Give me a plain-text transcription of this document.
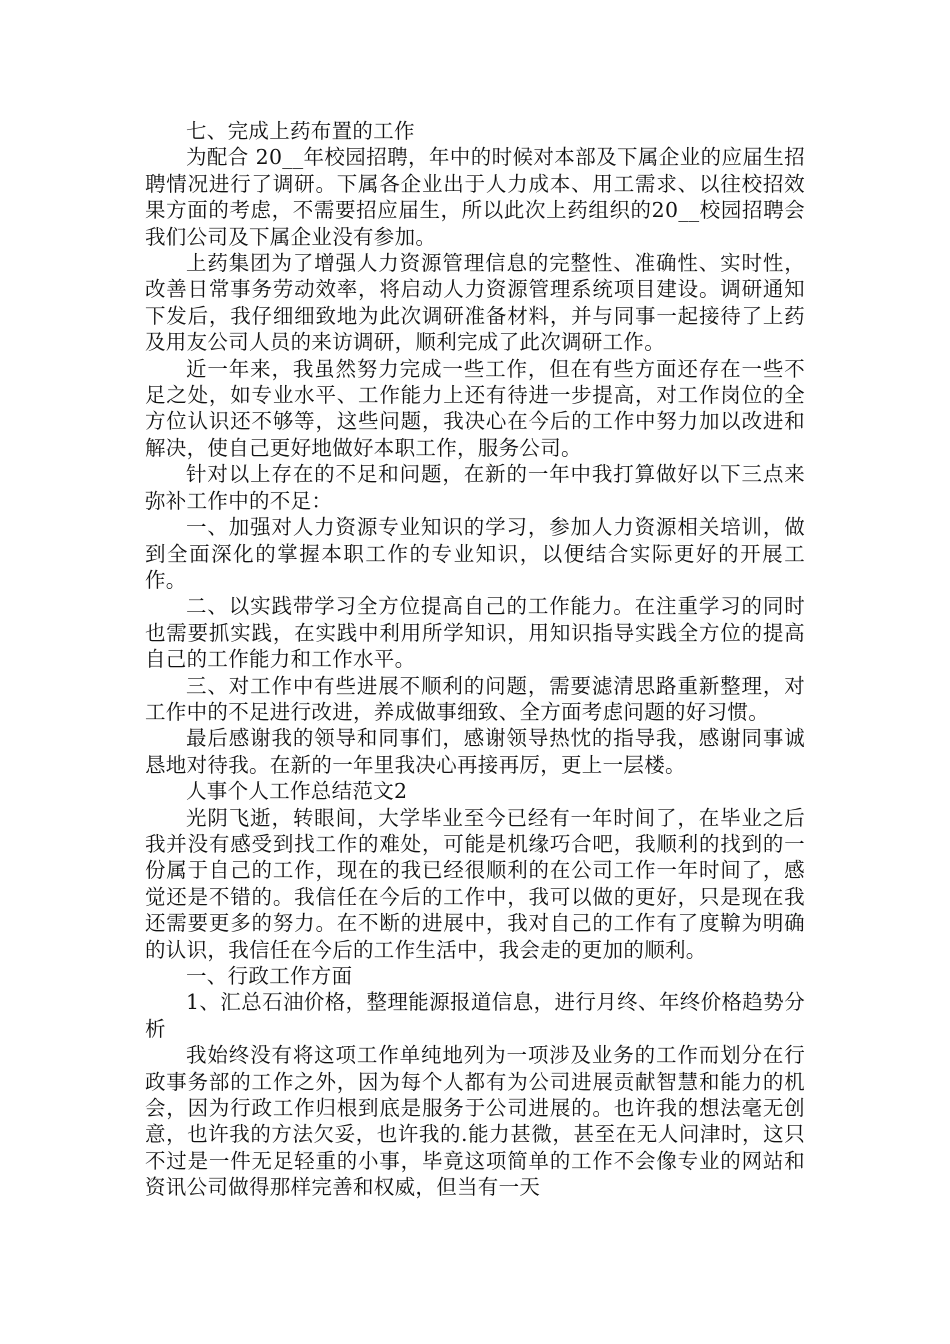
七、完成上药布置的工作

为配合 20__年校园招聘，年中的时候对本部及下属企业的应届生招聘情况进行了调研。下属各企业出于人力成本、用工需求、以往校招效果方面的考虑，不需要招应届生，所以此次上药组织的20__校园招聘会我们公司及下属企业没有参加。

上药集团为了增强人力资源管理信息的完整性、准确性、实时性，改善日常事务劳动效率，将启动人力资源管理系统项目建设。调研通知下发后，我仔细细致地为此次调研准备材料，并与同事一起接待了上药及用友公司人员的来访调研，顺利完成了此次调研工作。

近一年来，我虽然努力完成一些工作，但在有些方面还存在一些不足之处，如专业水平、工作能力上还有待进一步提高，对工作岗位的全方位认识还不够等，这些问题，我决心在今后的工作中努力加以改进和解决，使自己更好地做好本职工作，服务公司。

针对以上存在的不足和问题，在新的一年中我打算做好以下三点来弥补工作中的不足：

一、加强对人力资源专业知识的学习，参加人力资源相关培训，做到全面深化的掌握本职工作的专业知识，以便结合实际更好的开展工作。

二、以实践带学习全方位提高自己的工作能力。在注重学习的同时也需要抓实践，在实践中利用所学知识，用知识指导实践全方位的提高自己的工作能力和工作水平。

三、对工作中有些进展不顺利的问题，需要滤清思路重新整理，对工作中的不足进行改进，养成做事细致、全方面考虑问题的好习惯。

最后感谢我的领导和同事们，感谢领导热忱的指导我，感谢同事诚恳地对待我。在新的一年里我决心再接再厉，更上一层楼。

人事个人工作总结范文2

光阴飞逝，转眼间，大学毕业至今已经有一年时间了，在毕业之后我并没有感受到找工作的难处，可能是机缘巧合吧，我顺利的找到的一份属于自己的工作，现在的我已经很顺利的在公司工作一年时间了，感觉还是不错的。我信任在今后的工作中，我可以做的更好，只是现在我还需要更多的努力。在不断的进展中，我对自己的工作有了度鞥为明确的认识，我信任在今后的工作生活中，我会走的更加的顺利。

一、行政工作方面

1、汇总石油价格，整理能源报道信息，进行月终、年终价格趋势分析

我始终没有将这项工作单纯地列为一项涉及业务的工作而划分在行政事务部的工作之外，因为每个人都有为公司进展贡献智慧和能力的机会，因为行政工作归根到底是服务于公司进展的。也许我的想法毫无创意，也许我的方法欠妥，也许我的.能力甚微，甚至在无人问津时，这只不过是一件无足轻重的小事，毕竟这项简单的工作不会像专业的网站和资讯公司做得那样完善和权威，但当有一天
